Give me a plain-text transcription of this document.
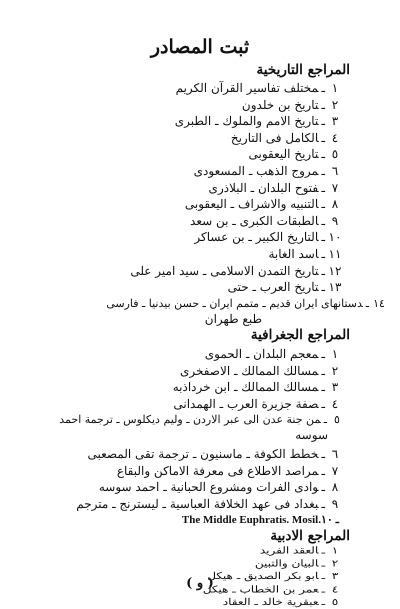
ثبت المصادر
المراجع التاريخية
١ـمختلف تفاسير القرآن الكريم
٢ـتاريخ بن خلدون
٣ـتاريخ الامم والملوك ـ الطبرى
٤ـالكامل فى التاريخ
٥ـتاريخ اليعقوبى
٦ـمروج الذهب ـ المسعودى
٧ـفتوح البلدان ـ البلاذرى
٨ـالتنبيه والاشراف ـ اليعقوبى
٩ـالطبقات الكبرى ـ بن سعد
١٠ـالتاريخ الكبير ـ بن عساكر
١١ـاسد الغابة
١٢ـتاريخ التمدن الاسلامى ـ سيد امير على
١٣ـتاريخ العرب ـ حتى
١٤ـدستانهاى ايران قديم ـ متمم ايران ـ حسن بيدنيا ـ فارسى
طبع طهران
المراجع الجغرافية
١ـمعجم البلدان ـ الحموى
٢ـمسالك الممالك ـ الاصفخرى
٣ـمسالك الممالك ـ ابن خرداذبه
٤ـصفة جزيرة العرب ـ الهمدانى
٥ـمن جنة عدن الى عبر الاردن ـ وليم ديكلوس ـ ترجمة احمد
سوسه
٦ـخطط الكوفة ـ ماسنيون ـ ترجمة تقى المصعبى
٧ـمراصد الاطلاع فى معرفة الاماكن والبقاع
٨ـوادى الفرات ومشروع الحبانية ـ احمد سوسه
٩ـبغداد فى عهد الخلافة العباسية ـ ليسترنج ـ مترجم
The Middle Euphratis. Mosil. ـ١٠
المراجع الادبية
١ـالعقد الفريد
٢ـالبيان والتبين
٣ـابو بكر الصديق ـ هيكل
٤ـعمر بن الخطاب ـ هيكل
٥ـعبقرية خالد ـ العقاد
( و )
